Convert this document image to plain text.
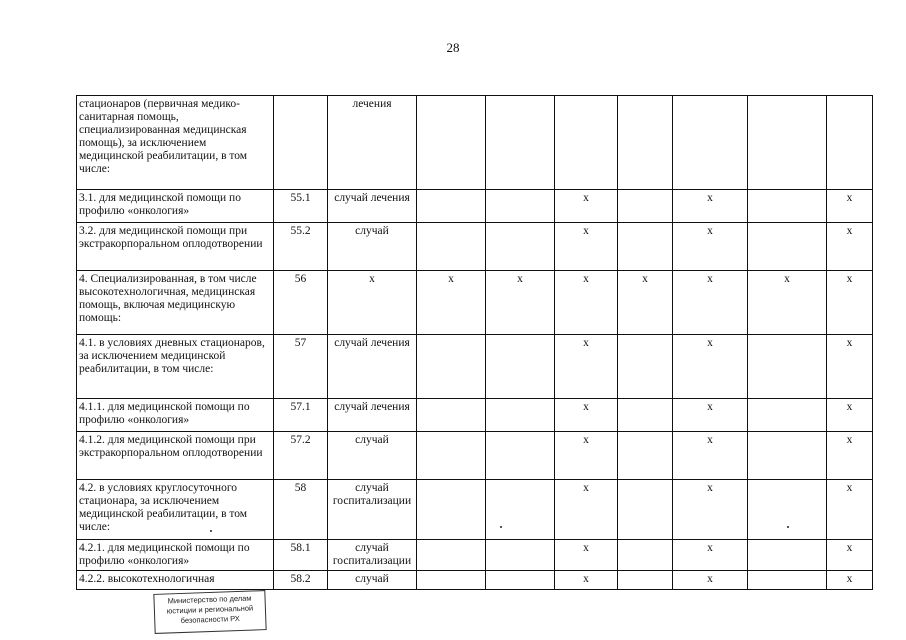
28
стационаров (первичная медико-санитарная помощь, специализированная медицинская помощь), за исключением медицинской реабилитации, в том числе:		лечения							
3.1. для медицинской помощи по профилю «онкология»	55.1	случай лечения			х		х		х
3.2. для медицинской помощи при экстракорпоральном оплодотворении	55.2	случай			х		х		х
4. Специализированная, в том числе высокотехнологичная, медицинская помощь, включая медицинскую помощь:	56	х	х	х	х	х	х	х	х
4.1. в условиях дневных стационаров, за исключением медицинской реабилитации, в том числе:	57	случай лечения			х		х		х
4.1.1. для медицинской помощи по профилю «онкология»	57.1	случай лечения			х		х		х
4.1.2. для медицинской помощи при экстракорпоральном оплодотворении	57.2	случай			х		х		х
4.2. в условиях круглосуточного стационара, за исключением медицинской реабилитации, в том числе:	58	случай госпитализации			х		х		х
4.2.1. для медицинской помощи по профилю «онкология»	58.1	случай госпитализации			х		х		х
4.2.2. высокотехнологичная	58.2	случай			х		х		х
Министерство по делам
юстиции и региональной
безопасности РХ
